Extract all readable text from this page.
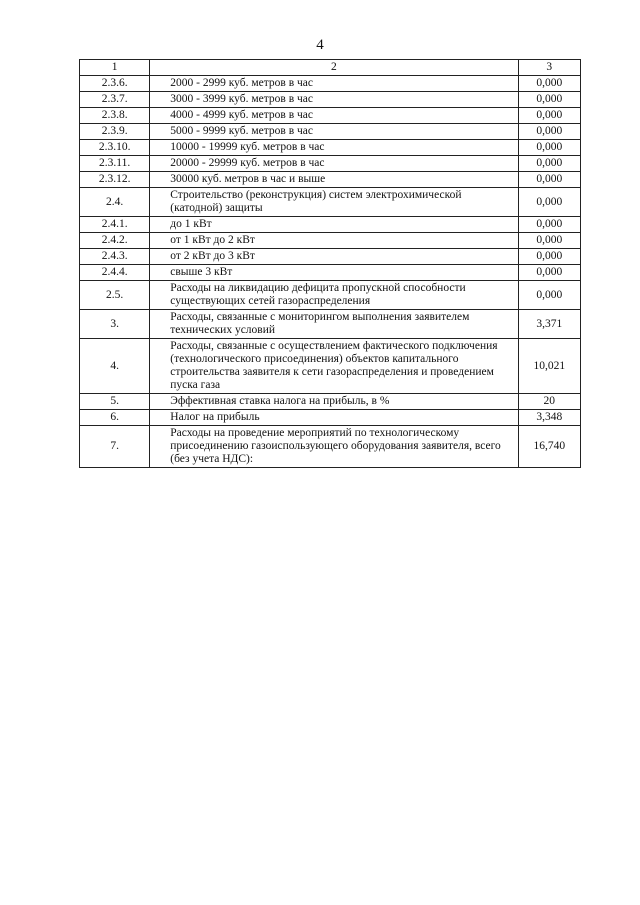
4
1	2	3
2.3.6.	2000 - 2999 куб. метров в час	0,000
2.3.7.	3000 - 3999 куб. метров в час	0,000
2.3.8.	4000 - 4999 куб. метров в час	0,000
2.3.9.	5000 - 9999 куб. метров в час	0,000
2.3.10.	10000 - 19999 куб. метров в час	0,000
2.3.11.	20000 - 29999 куб. метров в час	0,000
2.3.12.	30000 куб. метров в час и выше	0,000
2.4.	Строительство (реконструкция) систем электрохимической (катодной) защиты	0,000
2.4.1.	до 1 кВт	0,000
2.4.2.	от 1 кВт до 2 кВт	0,000
2.4.3.	от 2 кВт до 3 кВт	0,000
2.4.4.	свыше 3 кВт	0,000
2.5.	Расходы на ликвидацию дефицита пропускной способности существующих сетей газораспределения	0,000
3.	Расходы, связанные с мониторингом выполнения заявителем технических условий	3,371
4.	Расходы, связанные с осуществлением фактического подключения (технологического присоединения) объектов капитального строительства заявителя к сети газораспределения и проведением пуска газа	10,021
5.	Эффективная ставка налога на прибыль, в %	20
6.	Налог на прибыль	3,348
7.	Расходы на проведение мероприятий по технологическому присоединению газоиспользующего оборудования заявителя, всего (без учета НДС):	16,740
